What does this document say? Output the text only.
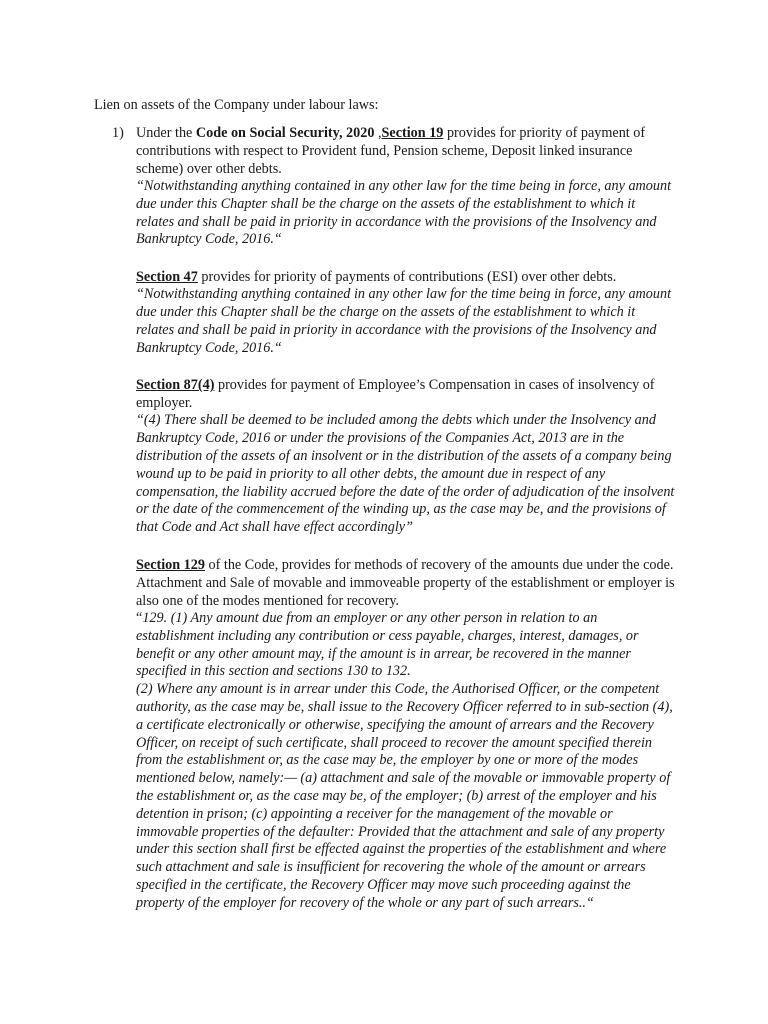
Lien on assets of the Company under labour laws:
1) Under the Code on Social Security, 2020 ,Section 19 provides for priority of payment of contributions with respect to Provident fund, Pension scheme, Deposit linked insurance scheme) over other debts.

“Notwithstanding anything contained in any other law for the time being in force, any amount due under this Chapter shall be the charge on the assets of the establishment to which it relates and shall be paid in priority in accordance with the provisions of the Insolvency and Bankruptcy Code, 2016.“

Section 47 provides for priority of payments of contributions (ESI) over other debts.

“Notwithstanding anything contained in any other law for the time being in force, any amount due under this Chapter shall be the charge on the assets of the establishment to which it relates and shall be paid in priority in accordance with the provisions of the Insolvency and Bankruptcy Code, 2016.“

Section 87(4) provides for payment of Employee’s Compensation in cases of insolvency of employer.

“(4) There shall be deemed to be included among the debts which under the Insolvency and Bankruptcy Code, 2016 or under the provisions of the Companies Act, 2013 are in the distribution of the assets of an insolvent or in the distribution of the assets of a company being wound up to be paid in priority to all other debts, the amount due in respect of any compensation, the liability accrued before the date of the order of adjudication of the insolvent or the date of the commencement of the winding up, as the case may be, and the provisions of that Code and Act shall have effect accordingly”

Section 129 of the Code, provides for methods of recovery of the amounts due under the code. Attachment and Sale of movable and immoveable property of the establishment or employer is also one of the modes mentioned for recovery.

“129. (1) Any amount due from an employer or any other person in relation to an establishment including any contribution or cess payable, charges, interest, damages, or benefit or any other amount may, if the amount is in arrear, be recovered in the manner specified in this section and sections 130 to 132.

(2) Where any amount is in arrear under this Code, the Authorised Officer, or the competent authority, as the case may be, shall issue to the Recovery Officer referred to in sub-section (4), a certificate electronically or otherwise, specifying the amount of arrears and the Recovery Officer, on receipt of such certificate, shall proceed to recover the amount specified therein from the establishment or, as the case may be, the employer by one or more of the modes mentioned below, namely:— (a) attachment and sale of the movable or immovable property of the establishment or, as the case may be, of the employer; (b) arrest of the employer and his detention in prison; (c) appointing a receiver for the management of the movable or immovable properties of the defaulter: Provided that the attachment and sale of any property under this section shall first be effected against the properties of the establishment and where such attachment and sale is insufficient for recovering the whole of the amount or arrears specified in the certificate, the Recovery Officer may move such proceeding against the property of the employer for recovery of the whole or any part of such arrears..“
